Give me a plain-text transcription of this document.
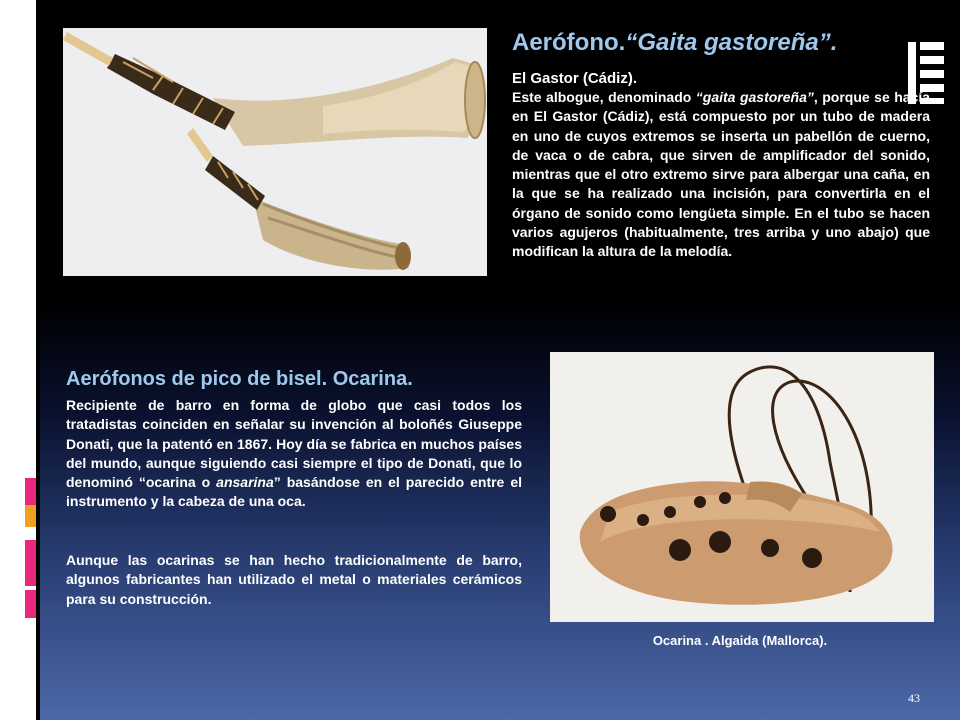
Aerófono.“Gaita gastoreña”.

El Gastor (Cádiz).

Este albogue, denominado “gaita gastoreña”, porque se hacía en El Gastor (Cádiz), está compuesto por un tubo de madera en uno de cuyos extremos se inserta un pabellón de cuerno, de vaca o de cabra, que sirven de amplificador del sonido, mientras que el otro extremo sirve para albergar una caña, en la que se ha realizado una incisión, para convertirla en el órgano de sonido como lengüeta simple. En el tubo se hacen varios agujeros (habitualmente, tres arriba y uno abajo) que modifican la altura de la melodía.

Aerófonos de pico de bisel. Ocarina.

Recipiente de barro en forma de globo que casi todos los tratadistas coinciden en señalar su invención al boloñés Giuseppe Donati, que la patentó en 1867. Hoy día se fabrica en muchos países del mundo, aunque siguiendo casi siempre el tipo de Donati, que lo denominó “ocarina o ansarina” basándose en el parecido entre el instrumento y la cabeza de una oca.

Aunque las ocarinas se han hecho tradicionalmente de barro, algunos fabricantes han utilizado el metal o materiales cerámicos para su construcción.

Ocarina . Algaida (Mallorca).

43
